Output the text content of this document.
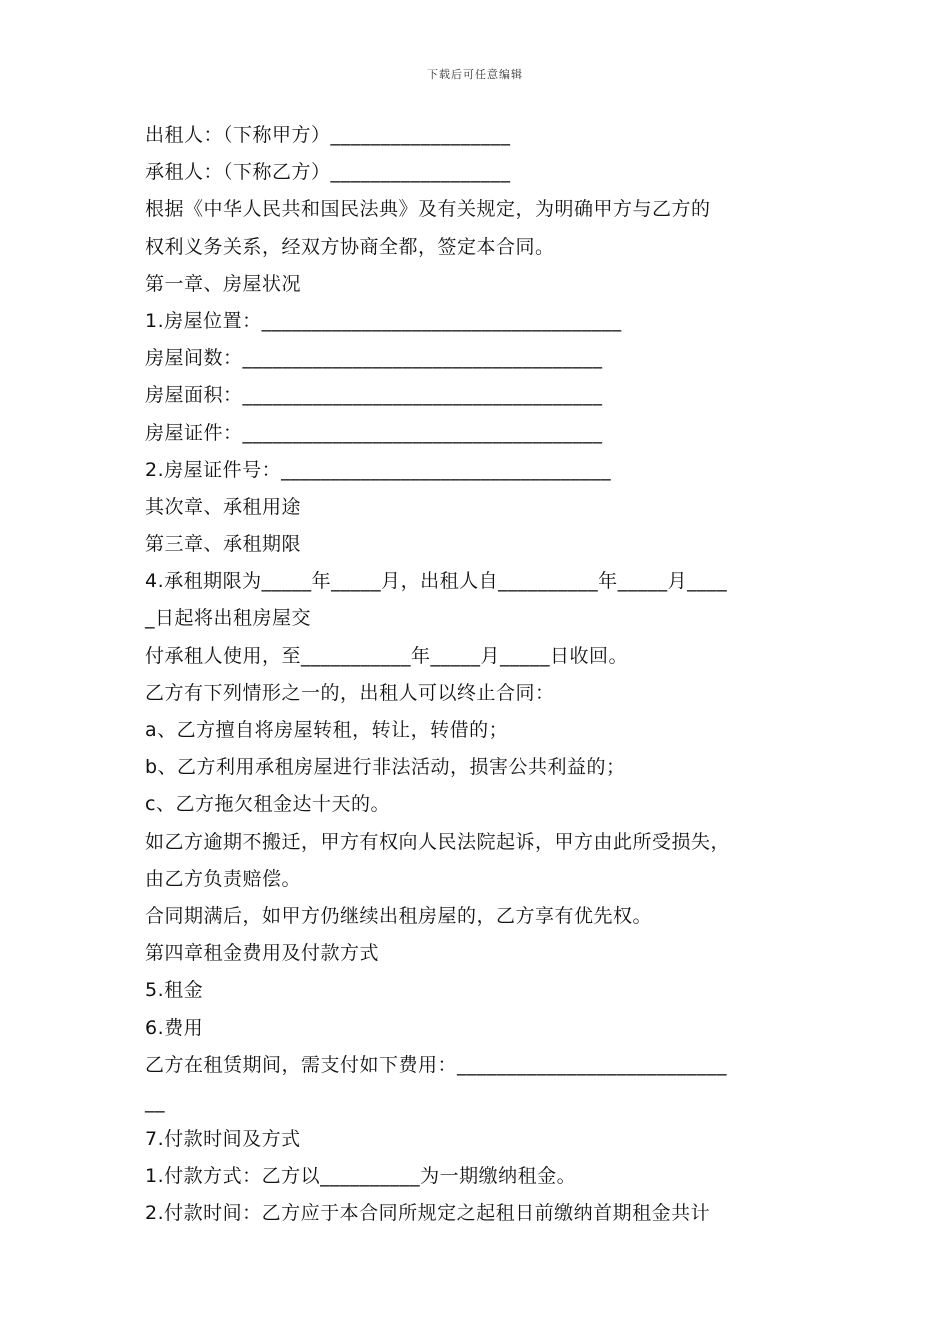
下载后可任意编辑
出租人：（下称甲方）__________________
承租人：（下称乙方）__________________
根据《中华人民共和国民法典》及有关规定，为明确甲方与乙方的
权利义务关系，经双方协商全都，签定本合同。
第一章、房屋状况
1.房屋位置：____________________________________
房屋间数：____________________________________
房屋面积：____________________________________
房屋证件：____________________________________
2.房屋证件号：_________________________________
其次章、承租用途
第三章、承租期限
4.承租期限为_____年_____月，出租人自__________年_____月____
_日起将出租房屋交
付承租人使用，至___________年_____月_____日收回。
乙方有下列情形之一的，出租人可以终止合同：
a、乙方擅自将房屋转租，转让，转借的；
b、乙方利用承租房屋进行非法活动，损害公共利益的；
c、乙方拖欠租金达十天的。
如乙方逾期不搬迁，甲方有权向人民法院起诉，甲方由此所受损失，
由乙方负责赔偿。
合同期满后，如甲方仍继续出租房屋的，乙方享有优先权。
第四章租金费用及付款方式
5.租金
6.费用
乙方在租赁期间，需支付如下费用：___________________________
__
7.付款时间及方式
1.付款方式：乙方以__________为一期缴纳租金。
2.付款时间：乙方应于本合同所规定之起租日前缴纳首期租金共计
